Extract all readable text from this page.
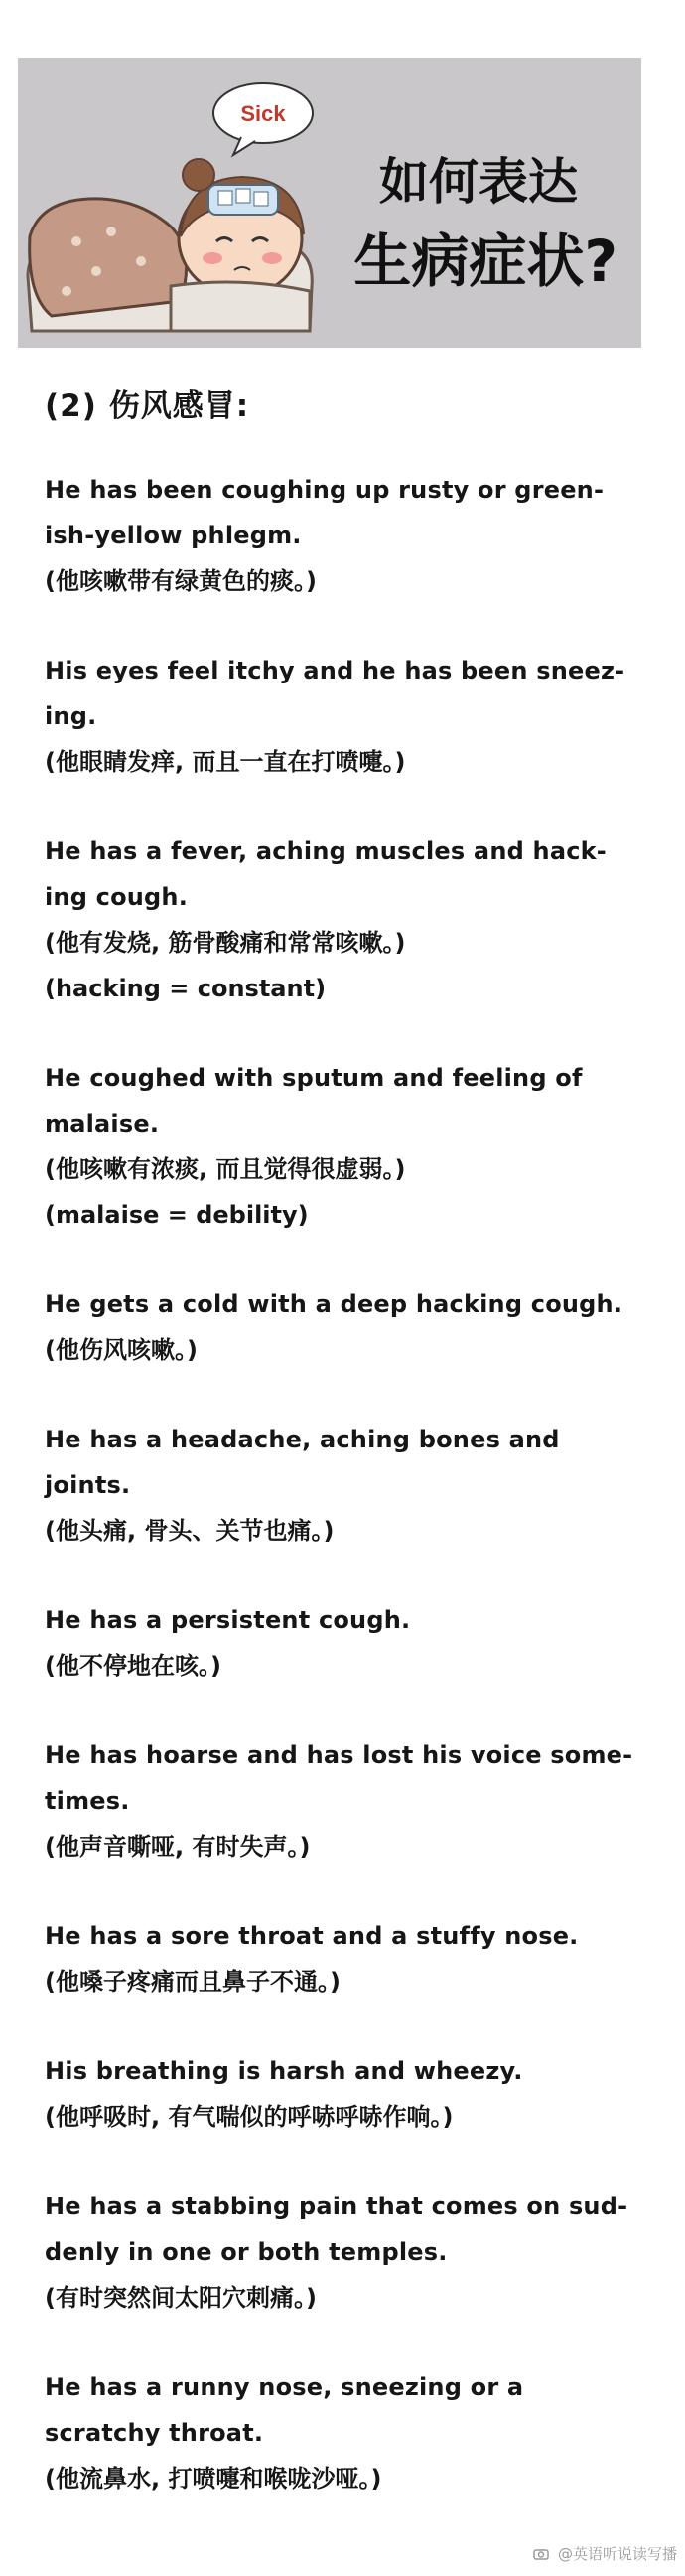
Sick
如何表达
生病症状?
(2) 伤风感冒:

He has been coughing up rusty or green-

ish-yellow phlegm.

(他咳嗽带有绿黄色的痰。)

His eyes feel itchy and he has been sneez-

ing.

(他眼睛发痒, 而且一直在打喷嚏。)

He has a fever, aching muscles and hack-

ing cough.

(他有发烧, 筋骨酸痛和常常咳嗽。)

(hacking = constant)

He coughed with sputum and feeling of

malaise.

(他咳嗽有浓痰, 而且觉得很虚弱。)

(malaise = debility)

He gets a cold with a deep hacking cough.

(他伤风咳嗽。)

He has a headache, aching bones and

joints.

(他头痛, 骨头、关节也痛。)

He has a persistent cough.

(他不停地在咳。)

He has hoarse and has lost his voice some-

times.

(他声音嘶哑, 有时失声。)

He has a sore throat and a stuffy nose.

(他嗓子疼痛而且鼻子不通。)

His breathing is harsh and wheezy.

(他呼吸时, 有气喘似的呼哧呼哧作响。)

He has a stabbing pain that comes on sud-

denly in one or both temples.

(有时突然间太阳穴刺痛。)

He has a runny nose, sneezing or a

scratchy throat.

(他流鼻水, 打喷嚏和喉咙沙哑。)

@英语听说读写播
